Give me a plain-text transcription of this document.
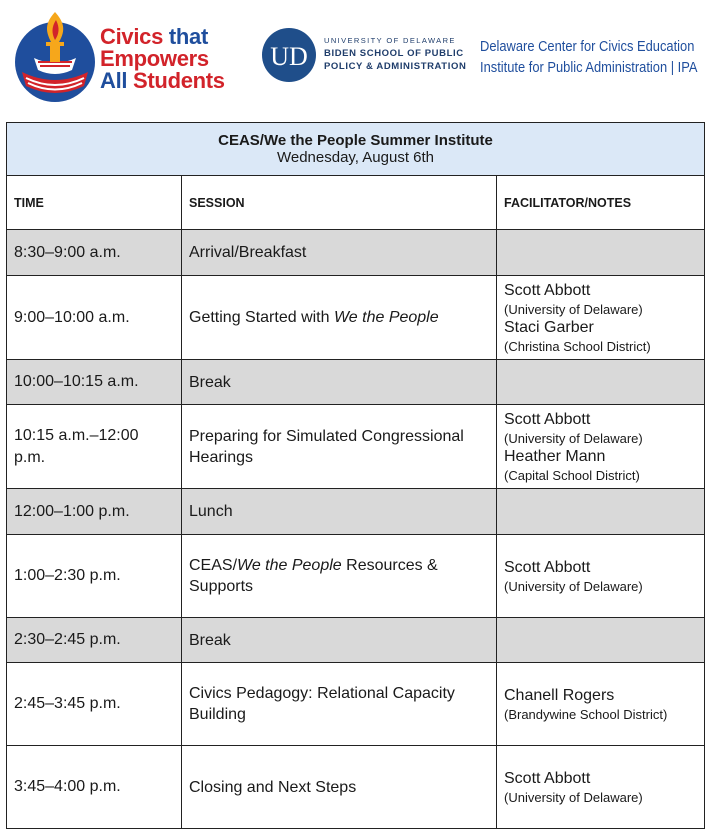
Civics that
Empowers
All Students
UD
UNIVERSITY OF DELAWARE
BIDEN SCHOOL OF PUBLIC
POLICY & ADMINISTRATION
Delaware Center for Civics Education
Institute for Public Administration | IPA
CEAS/We the People Summer Institute
Wednesday, August 6th		

TIME	SESSION	FACILITATOR/NOTES
8:30–9:00 a.m.	Arrival/Breakfast	
9:00–10:00 a.m.	Getting Started with We the People	Scott Abbott
(University of Delaware)
Staci Garber
(Christina School District)

10:00–10:15 a.m.	Break	
10:15 a.m.–12:00 p.m.	Preparing for Simulated Congressional Hearings	Scott Abbott
(University of Delaware)
Heather Mann
(Capital School District)

12:00–1:00 p.m.	Lunch	
1:00–2:30 p.m.	CEAS/We the People Resources & Supports	Scott Abbott
(University of Delaware)

2:30–2:45 p.m.	Break	
2:45–3:45 p.m.	Civics Pedagogy: Relational Capacity Building	Chanell Rogers
(Brandywine School District)

3:45–4:00 p.m.	Closing and Next Steps	Scott Abbott
(University of Delaware)
